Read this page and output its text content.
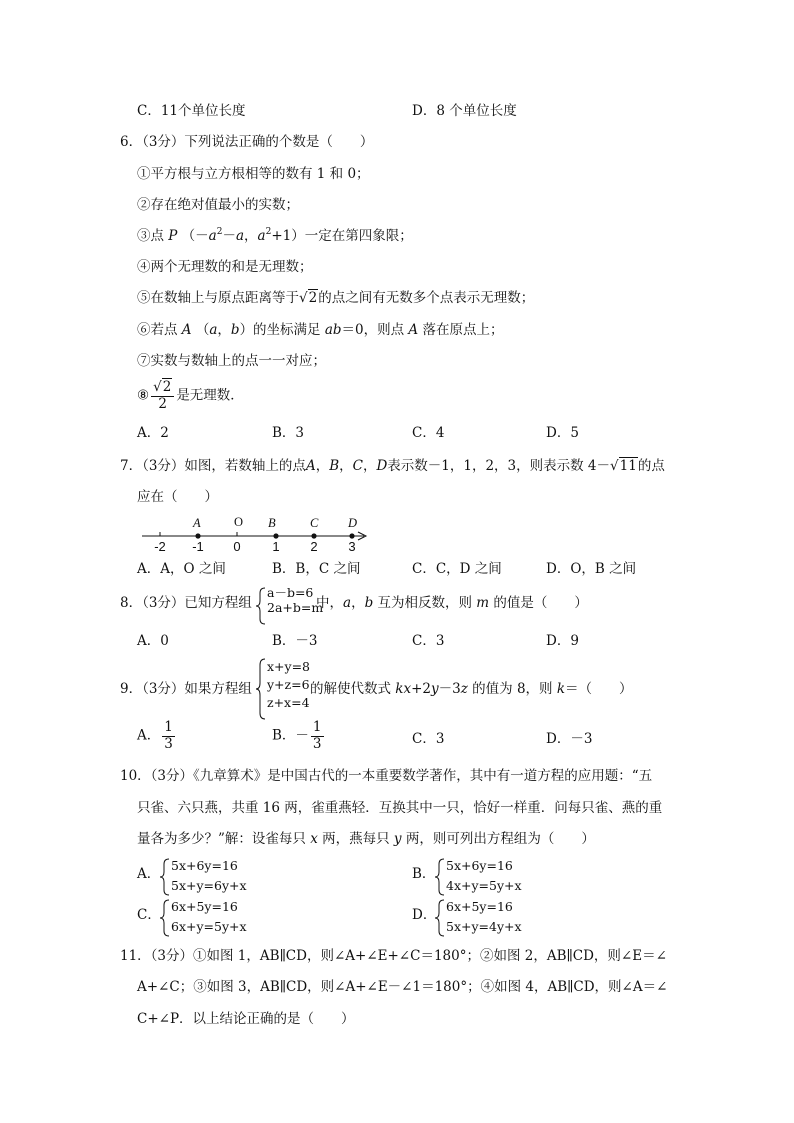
C．11个单位长度	D．8 个单位长度
6．（3分）下列说法正确的个数是（　　）
①平方根与立方根相等的数有 1 和 0；
②存在绝对值最小的实数；
③点 P （$-a^2-a$，$a^2+1$）一定在第四象限；
④两个无理数的和是无理数；
⑤在数轴上与原点距离等于√2的点之间有无数多个点表示无理数；
⑥若点 A （a，b）的坐标满足 ab＝0，则点 A 落在原点上；
⑦实数与数轴上的点一一对应；
⑧ $\frac{√2}{2}$ 是无理数．
A．2	B．3	C．4	D．5
7．（3分）如图，若数轴上的点A，B，C，D表示数－1，1，2，3，则表示数 4－√11的点
应在（　　）
A	O B	C D
-2 -1 0 1 2 3
A．A，O 之间	B．B，C 之间	C．C，D 之间	D．O，B 之间
8．（3分）已知方程组
a－b=6
2a+b=m
中，a，b 互为相反数，则 m 的值是（　　）
A．0	B．－3	C．3	D．9
9．（3分）如果方程组
x+y=8
y+z=6
z+x=4
的解使代数式 kx+2y－3z 的值为 8，则 k＝（　　）
A． $\frac{1}{3}$	B．－ $\frac{1}{3}$	C．3	D．－3
10．（3分）《九章算术》是中国古代的一本重要数学著作，其中有一道方程的应用题：“五
只雀、六只燕，共重 16 两，雀重燕轻．互换其中一只，恰好一样重．问每只雀、燕的重
量各为多少？”解：设雀每只 x 两，燕每只 y 两，则可列出方程组为（　　）
A．
5x+6y=16
5x+y=6y+x
B．
5x+6y=16
4x+y=5y+x
C．
6x+5y=16
6x+y=5y+x
D．
6x+5y=16
5x+y=4y+x
11．（3分）①如图 1，AB∥CD，则∠A+∠E+∠C＝180°；②如图 2，AB∥CD，则∠E＝∠
A+∠C；③如图 3，AB∥CD，则∠A+∠E－∠1＝180°；④如图 4，AB∥CD，则∠A＝∠
C+∠P．以上结论正确的是（　　）
